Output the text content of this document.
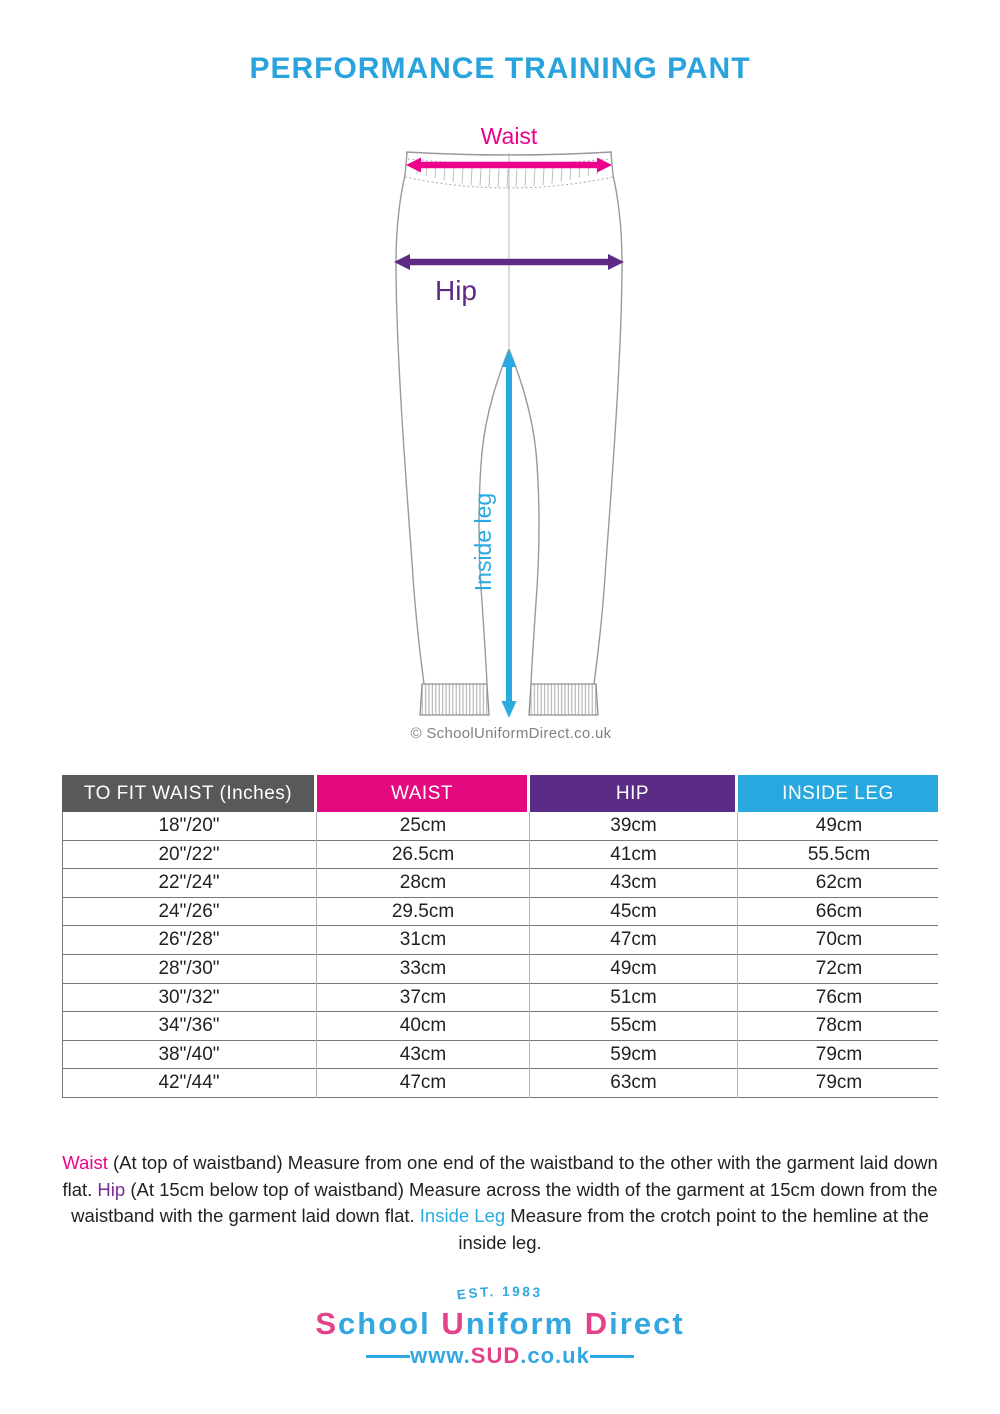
PERFORMANCE TRAINING PANT
Waist
Hip
Inside leg
© SchoolUniformDirect.co.uk
TO FIT WAIST (Inches)	WAIST	HIP	INSIDE LEG
18"/20"	25cm	39cm	49cm
20"/22"	26.5cm	41cm	55.5cm
22"/24"	28cm	43cm	62cm
24"/26"	29.5cm	45cm	66cm
26"/28"	31cm	47cm	70cm
28"/30"	33cm	49cm	72cm
30"/32"	37cm	51cm	76cm
34"/36"	40cm	55cm	78cm
38"/40"	43cm	59cm	79cm
42"/44"	47cm	63cm	79cm
Waist (At top of waistband) Measure from one end of the waistband to the other with the garment laid down flat. Hip (At 15cm below top of waistband) Measure across the width of the garment at 15cm down from the waistband with the garment laid down flat. Inside Leg Measure from the crotch point to the hemline at the inside leg.
EST. 1983
School Uniform Direct
www. SUD .co.uk
